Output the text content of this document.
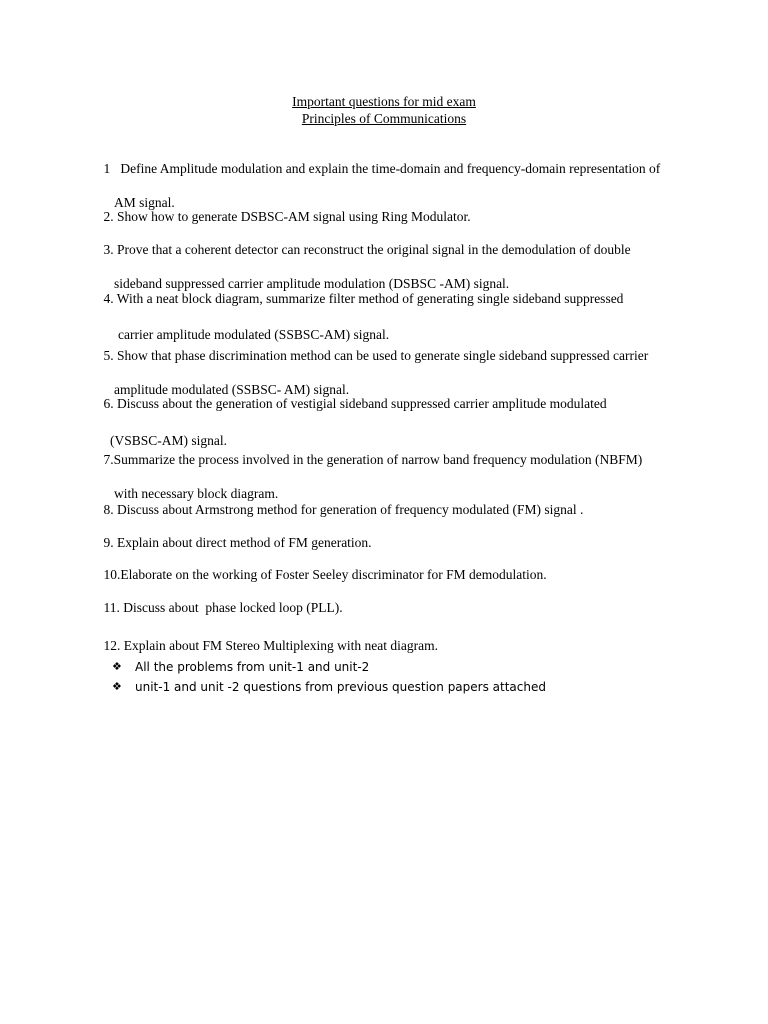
Important questions for mid exam
Principles of Communications

1   Define Amplitude modulation and explain the time-domain and frequency-domain representation of

AM signal.

2. Show how to generate DSBSC-AM signal using Ring Modulator.

3. Prove that a coherent detector can reconstruct the original signal in the demodulation of double

sideband suppressed carrier amplitude modulation (DSBSC -AM) signal.

4. With a neat block diagram, summarize filter method of generating single sideband suppressed

carrier amplitude modulated (SSBSC-AM) signal.

5. Show that phase discrimination method can be used to generate single sideband suppressed carrier

amplitude modulated (SSBSC- AM) signal.

6. Discuss about the generation of vestigial sideband suppressed carrier amplitude modulated

(VSBSC-AM) signal.

7.Summarize the process involved in the generation of narrow band frequency modulation (NBFM)

with necessary block diagram.

8. Discuss about Armstrong method for generation of frequency modulated (FM) signal .

9. Explain about direct method of FM generation.

10.Elaborate on the working of Foster Seeley discriminator for FM demodulation.

11. Discuss about  phase locked loop (PLL).

12. Explain about FM Stereo Multiplexing with neat diagram.

❖	All the problems from unit-1 and unit-2
❖	unit-1 and unit -2 questions from previous question papers attached
